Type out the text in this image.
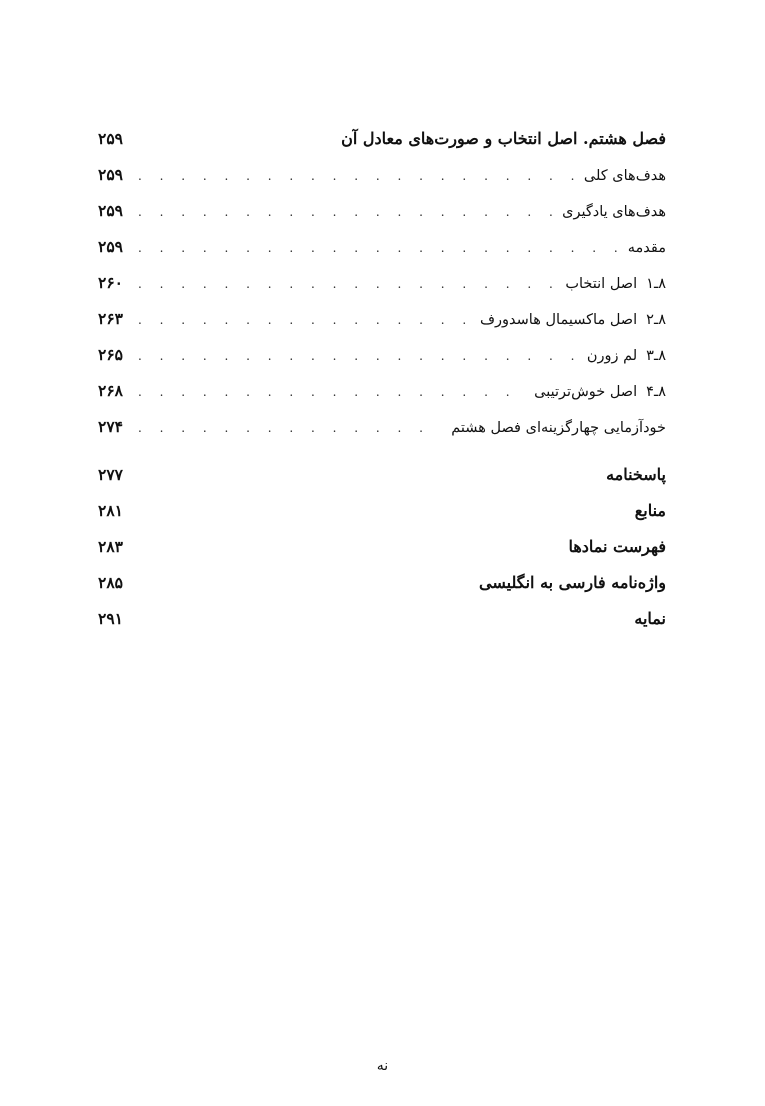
فصل هشتم. اصل انتخاب و صورت‌های معادل آن
۲۵۹
هدف‌های کلی
. . .
۲۵۹
هدف‌های یادگیری
. . .
۲۵۹
مقدمه
. . .
۲۵۹
۸ـ۱اصل انتخاب
. . .
۲۶۰
۸ـ۲اصل ماکسیمال هاسدورف
. . .
۲۶۳
۸ـ۳لم زورن
. . .
۲۶۵
۸ـ۴اصل خوش‌ترتیبی
. . .
۲۶۸
خودآزمایی چهارگزینه‌ای فصل هشتم
. . .
۲۷۴
پاسخنامه
۲۷۷
منابع
۲۸۱
فهرست نمادها
۲۸۳
واژه‌نامه فارسی به انگلیسی
۲۸۵
نمایه
۲۹۱
نه
